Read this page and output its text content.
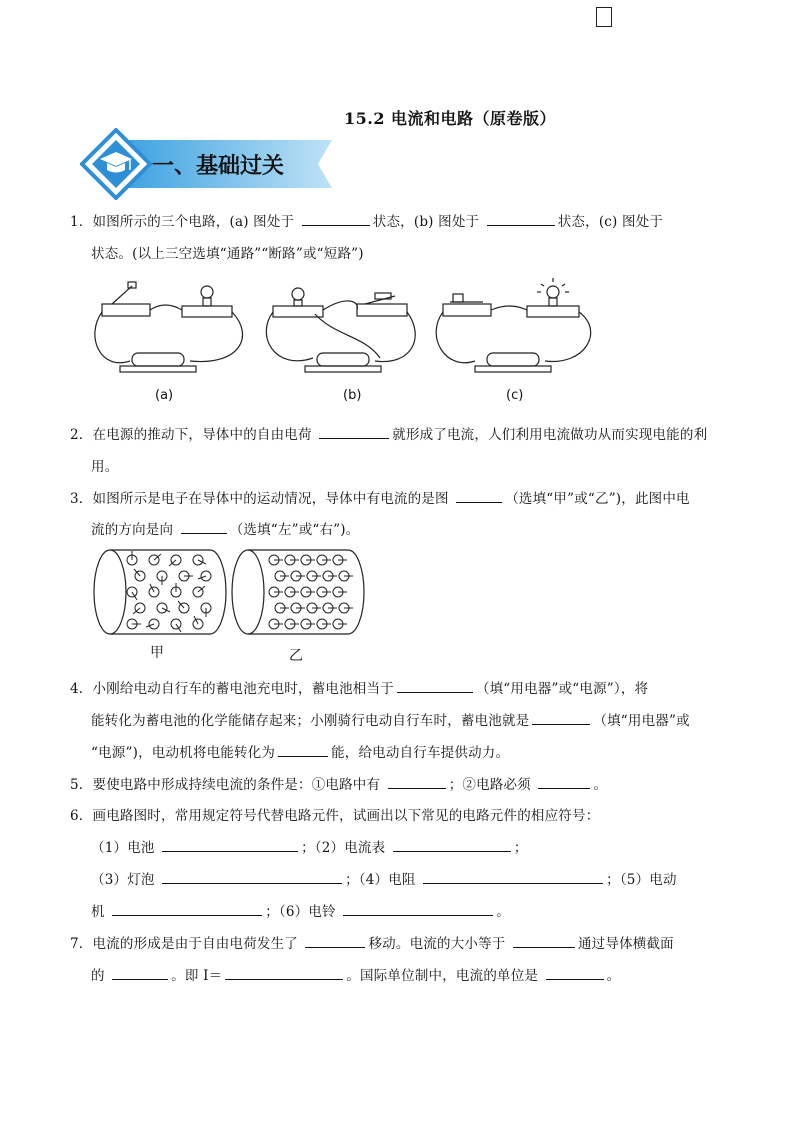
15.2 电流和电路（原卷版）
一、基础过关
1．如图所示的三个电路，(a) 图处于	状态，(b) 图处于	状态，(c) 图处于
状态。(以上三空选填“通路”“断路”或“短路”)
(a)	(b)	(c)
2．在电源的推动下，导体中的自由电荷	就形成了电流，人们利用电流做功从而实现电能的利
用。
3．如图所示是电子在导体中的运动情况，导体中有电流的是图	（选填“甲”或“乙”)，此图中电
流的方向是向	（选填“左”或“右”)。
甲	乙
4．小刚给电动自行车的蓄电池充电时，蓄电池相当于	（填“用电器”或“电源”），将
能转化为蓄电池的化学能储存起来；小刚骑行电动自行车时，蓄电池就是	（填“用电器”或
“电源”)，电动机将电能转化为	能，给电动自行车提供动力。
5．要使电路中形成持续电流的条件是：①电路中有	；②电路必须	。
6．画电路图时，常用规定符号代替电路元件，试画出以下常见的电路元件的相应符号：
（1）电池	；（2）电流表	；
（3）灯泡	；（4）电阻	；（5）电动
机	；（6）电铃	。
7．电流的形成是由于自由电荷发生了	移动。电流的大小等于	通过导体横截面
的	。即 I＝	。国际单位制中，电流的单位是	。
